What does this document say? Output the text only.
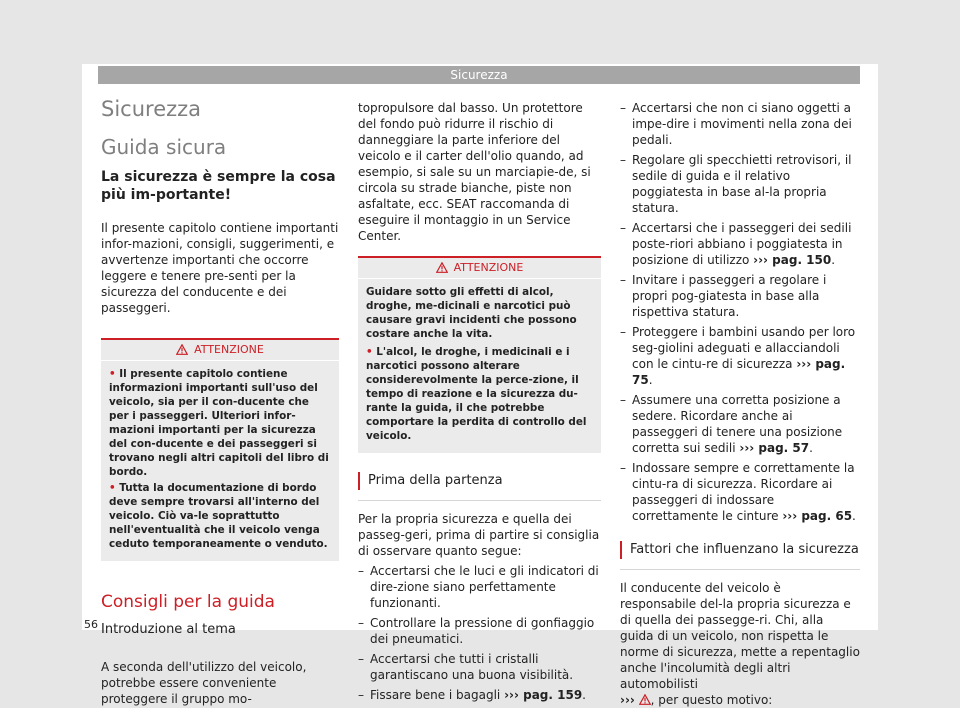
Sicurezza
Sicurezza
Guida sicura
La sicurezza è sempre la cosa più im-portante!

Il presente capitolo contiene importanti infor-mazioni, consigli, suggerimenti, e avvertenze importanti che occorre leggere e tenere pre-senti per la sicurezza del conducente e dei passeggeri.

ATTENZIONE
• Il presente capitolo contiene informazioni importanti sull'uso del veicolo, sia per il con-ducente che per i passeggeri. Ulteriori infor-mazioni importanti per la sicurezza del con-ducente e dei passeggeri si trovano negli altri capitoli del libro di bordo.
• Tutta la documentazione di bordo deve sempre trovarsi all'interno del veicolo. Ciò va-le soprattutto nell'eventualità che il veicolo venga ceduto temporaneamente o venduto.
Consigli per la guida
Introduzione al tema

A seconda dell'utilizzo del veicolo, potrebbe essere conveniente proteggere il gruppo mo-

topropulsore dal basso. Un protettore del fondo può ridurre il rischio di danneggiare la parte inferiore del veicolo e il carter dell'olio quando, ad esempio, si sale su un marciapie-de, si circola su strade bianche, piste non asfaltate, ecc. SEAT raccomanda di eseguire il montaggio in un Service Center.

ATTENZIONE
Guidare sotto gli effetti di alcol, droghe, me-dicinali e narcotici può causare gravi incidenti che possono costare anche la vita.
• L'alcol, le droghe, i medicinali e i narcotici possono alterare considerevolmente la perce-zione, il tempo di reazione e la sicurezza du-rante la guida, il che potrebbe comportare la perdita di controllo del veicolo.
Prima della partenza

Per la propria sicurezza e quella dei passeg-geri, prima di partire si consiglia di osservare quanto segue:

– Accertarsi che le luci e gli indicatori di dire-zione siano perfettamente funzionanti.
– Controllare la pressione di gonfiaggio dei pneumatici.
– Accertarsi che tutti i cristalli garantiscano una buona visibilità.
– Fissare bene i bagagli ››› pag. 159.
– Accertarsi che non ci siano oggetti a impe-dire i movimenti nella zona dei pedali.
– Regolare gli specchietti retrovisori, il sedile di guida e il relativo poggiatesta in base al-la propria statura.
– Accertarsi che i passeggeri dei sedili poste-riori abbiano i poggiatesta in posizione di utilizzo ››› pag. 150.
– Invitare i passeggeri a regolare i propri pog-giatesta in base alla rispettiva statura.
– Proteggere i bambini usando per loro seg-giolini adeguati e allacciandoli con le cintu-re di sicurezza ››› pag. 75.
– Assumere una corretta posizione a sedere. Ricordare anche ai passeggeri di tenere una posizione corretta sui sedili ››› pag. 57.
– Indossare sempre e correttamente la cintu-ra di sicurezza. Ricordare ai passeggeri di indossare correttamente le cinture ››› pag. 65.
Fattori che influenzano la sicurezza

Il conducente del veicolo è responsabile del-la propria sicurezza e di quella dei passegge-ri. Chi, alla guida di un veicolo, non rispetta le norme di sicurezza, mette a repentaglio anche l'incolumità degli altri automobilisti
››› , per questo motivo:

56
